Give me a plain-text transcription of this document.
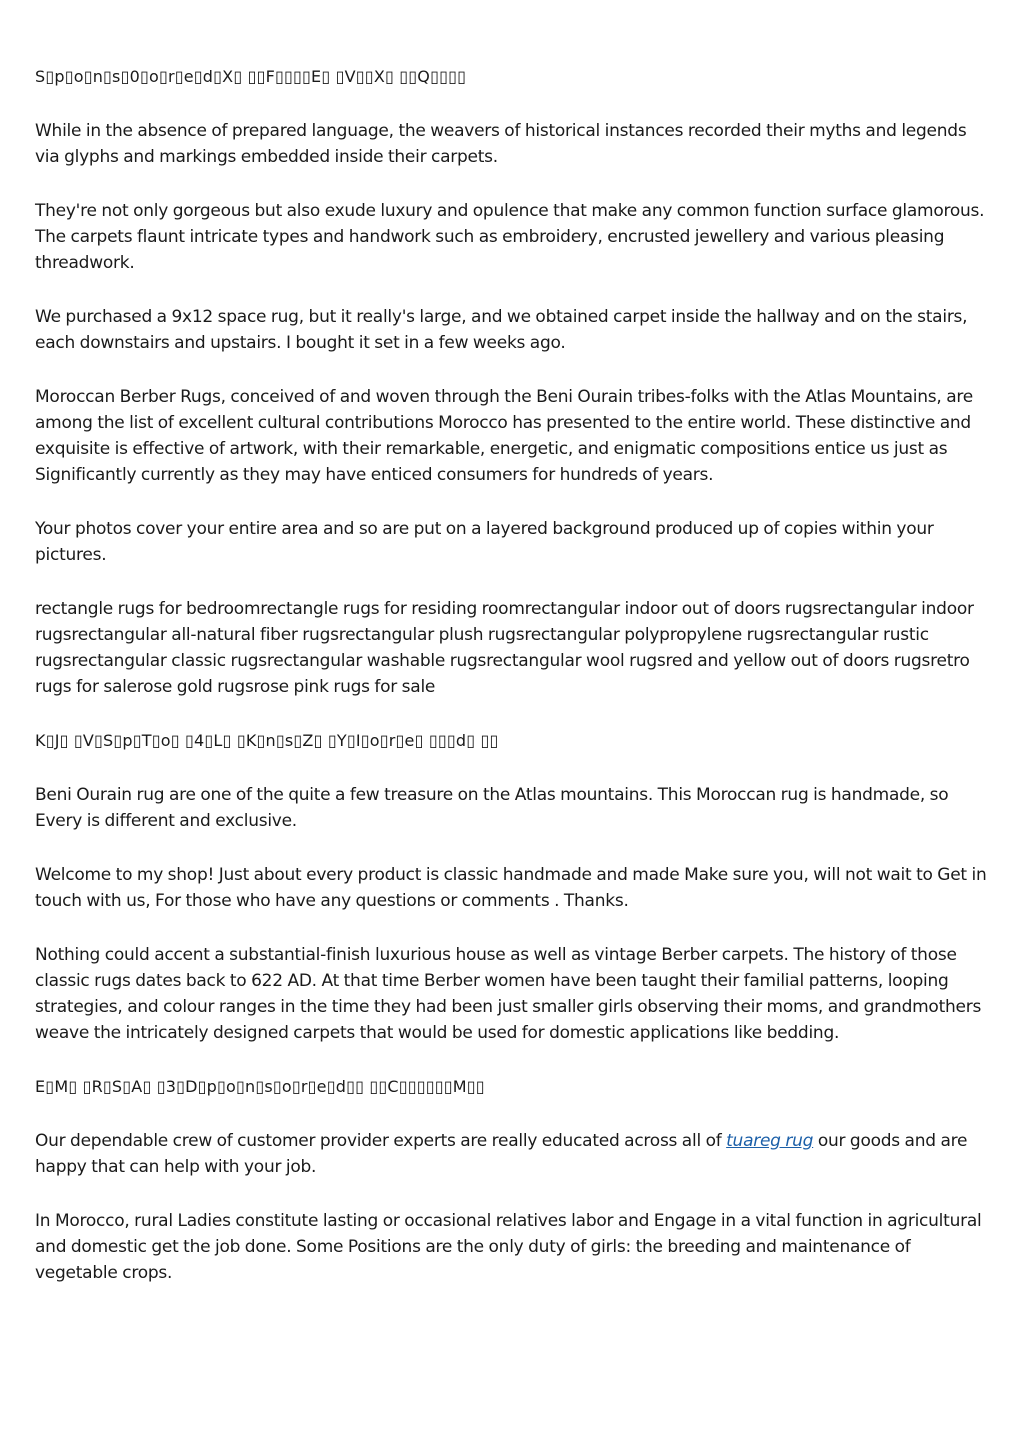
S▯p▯o▯n▯s▯0▯o▯r▯e▯d▯X▯ ▯▯F▯▯▯▯E▯ ▯V▯▯X▯ ▯▯Q▯▯▯▯

While in the absence of prepared language, the weavers of historical instances recorded their myths and legends via glyphs and markings embedded inside their carpets.

They're not only gorgeous but also exude luxury and opulence that make any common function surface glamorous. The carpets flaunt intricate types and handwork such as embroidery, encrusted jewellery and various pleasing threadwork.

We purchased a 9x12 space rug, but it really's large, and we obtained carpet inside the hallway and on the stairs, each downstairs and upstairs. I bought it set in a few weeks ago.

Moroccan Berber Rugs, conceived of and woven through the Beni Ourain tribes-folks with the Atlas Mountains, are among the list of excellent cultural contributions Morocco has presented to the entire world. These distinctive and exquisite is effective of artwork, with their remarkable, energetic, and enigmatic compositions entice us just as Significantly currently as they may have enticed consumers for hundreds of years.

Your photos cover your entire area and so are put on a layered background produced up of copies within your pictures.

rectangle rugs for bedroomrectangle rugs for residing roomrectangular indoor out of doors rugsrectangular indoor rugsrectangular all-natural fiber rugsrectangular plush rugsrectangular polypropylene rugsrectangular rustic rugsrectangular classic rugsrectangular washable rugsrectangular wool rugsred and yellow out of doors rugsretro rugs for salerose gold rugsrose pink rugs for sale

K▯J▯ ▯V▯S▯p▯T▯o▯ ▯4▯L▯ ▯K▯n▯s▯Z▯ ▯Y▯I▯o▯r▯e▯ ▯▯▯d▯ ▯▯

Beni Ourain rug are one of the quite a few treasure on the Atlas mountains. This Moroccan rug is handmade, so Every is different and exclusive.

Welcome to my shop! Just about every product is classic handmade and made Make sure you, will not wait to Get in touch with us, For those who have any questions or comments . Thanks.

Nothing could accent a substantial-finish luxurious house as well as vintage Berber carpets. The history of those classic rugs dates back to 622 AD. At that time Berber women have been taught their familial patterns, looping strategies, and colour ranges in the time they had been just smaller girls observing their moms, and grandmothers weave the intricately designed carpets that would be used for domestic applications like bedding.

E▯M▯ ▯R▯S▯A▯ ▯3▯D▯p▯o▯n▯s▯o▯r▯e▯d▯▯ ▯▯C▯▯▯▯▯▯M▯▯

Our dependable crew of customer provider experts are really educated across all of tuareg rug our goods and are happy that can help with your job.

In Morocco, rural Ladies constitute lasting or occasional relatives labor and Engage in a vital function in agricultural and domestic get the job done. Some Positions are the only duty of girls: the breeding and maintenance of vegetable crops.
